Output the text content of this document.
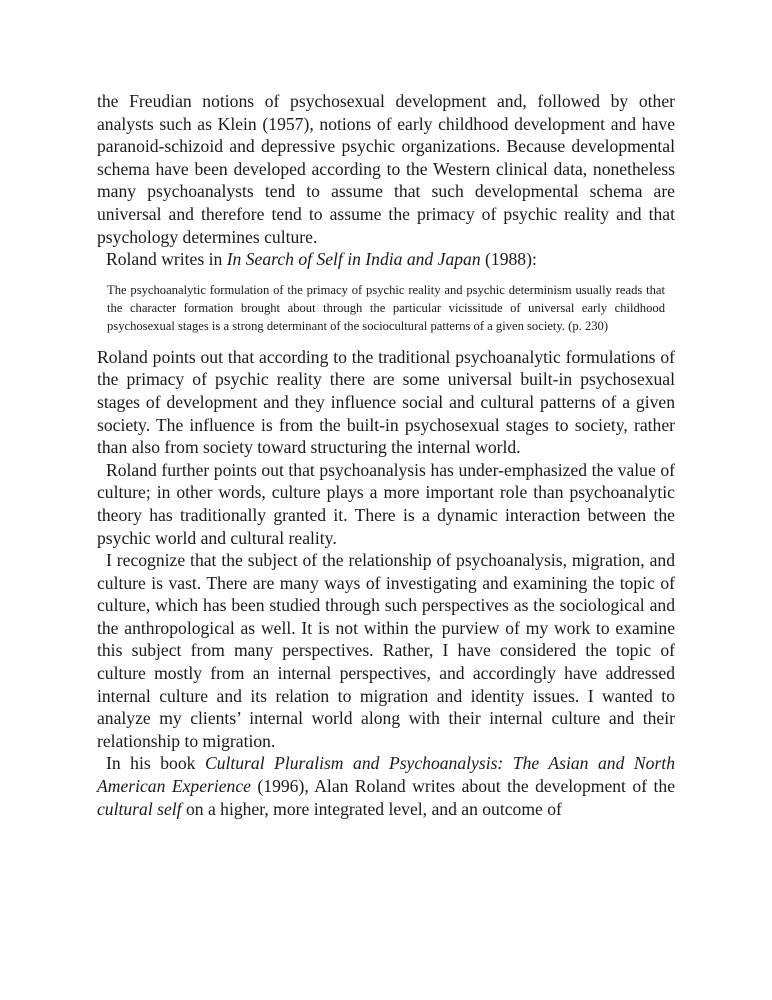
the Freudian notions of psychosexual development and, followed by other analysts such as Klein (1957), notions of early childhood development and have paranoid-schizoid and depressive psychic organizations. Because developmental schema have been developed according to the Western clinical data, nonetheless many psychoanalysts tend to assume that such developmental schema are universal and therefore tend to assume the primacy of psychic reality and that psychology determines culture.

Roland writes in In Search of Self in India and Japan (1988):

The psychoanalytic formulation of the primacy of psychic reality and psychic determinism usually reads that the character formation brought about through the particular vicissitude of universal early childhood psychosexual stages is a strong determinant of the sociocultural patterns of a given society. (p. 230)

Roland points out that according to the traditional psychoanalytic formulations of the primacy of psychic reality there are some universal built-in psychosexual stages of development and they influence social and cultural patterns of a given society. The influence is from the built-in psychosexual stages to society, rather than also from society toward structuring the internal world.

Roland further points out that psychoanalysis has under-emphasized the value of culture; in other words, culture plays a more important role than psychoanalytic theory has traditionally granted it. There is a dynamic interaction between the psychic world and cultural reality.

I recognize that the subject of the relationship of psychoanalysis, migration, and culture is vast. There are many ways of investigating and examining the topic of culture, which has been studied through such perspectives as the sociological and the anthropological as well. It is not within the purview of my work to examine this subject from many perspectives. Rather, I have considered the topic of culture mostly from an internal perspectives, and accordingly have addressed internal culture and its relation to migration and identity issues. I wanted to analyze my clients’ internal world along with their internal culture and their relationship to migration.

In his book Cultural Pluralism and Psychoanalysis: The Asian and North American Experience (1996), Alan Roland writes about the development of the cultural self on a higher, more integrated level, and an outcome of
